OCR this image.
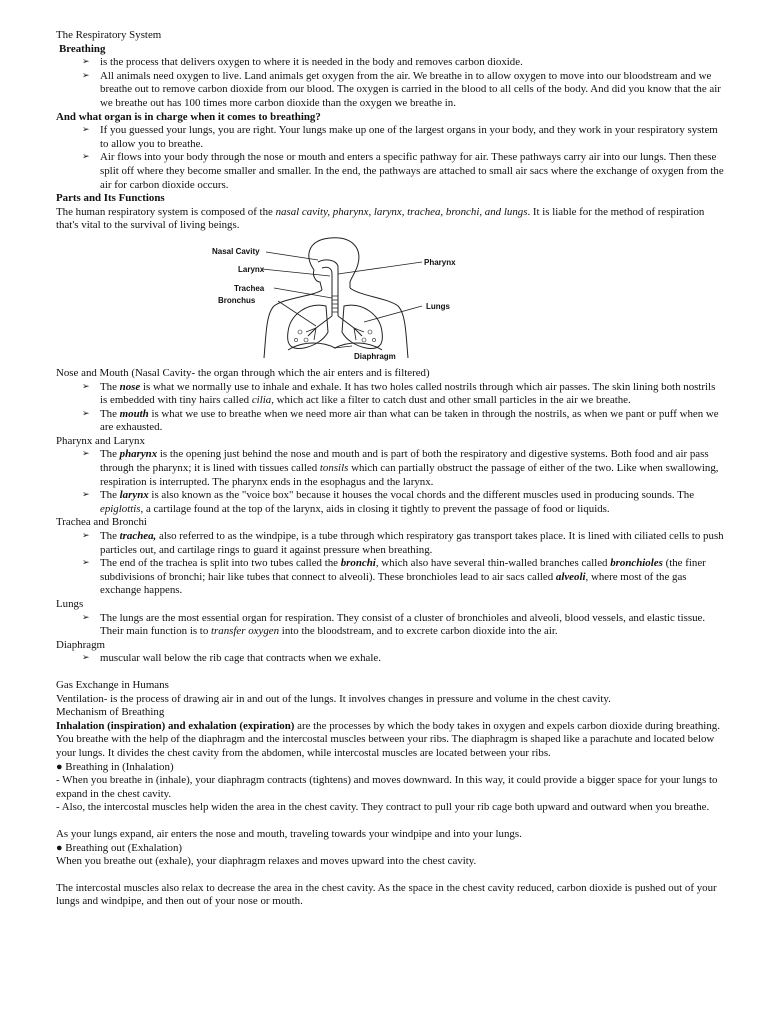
The Respiratory System

Breathing

➢ is the process that delivers oxygen to where it is needed in the body and removes carbon dioxide.
➢ All animals need oxygen to live. Land animals get oxygen from the air. We breathe in to allow oxygen to move into our bloodstream and we breathe out to remove carbon dioxide from our blood. The oxygen is carried in the blood to all cells of the body. And did you know that the air we breathe out has 100 times more carbon dioxide than the oxygen we breathe in.

And what organ is in charge when it comes to breathing?

➢ If you guessed your lungs, you are right. Your lungs make up one of the largest organs in your body, and they work in your respiratory system to allow you to breathe.
➢ Air flows into your body through the nose or mouth and enters a specific pathway for air. These pathways carry air into our lungs. Then these split off where they become smaller and smaller. In the end, the pathways are attached to small air sacs where the exchange of oxygen from the air for carbon dioxide occurs.

Parts and Its Functions

The human respiratory system is composed of the nasal cavity, pharynx, larynx, trachea, bronchi, and lungs. It is liable for the method of respiration that's vital to the survival of living beings.

Nasal Cavity
Larynx
Trachea
Bronchus
Pharynx
Lungs
Diaphragm

Nose and Mouth (Nasal Cavity- the organ through which the air enters and is filtered)

➢ The nose is what we normally use to inhale and exhale. It has two holes called nostrils through which air passes. The skin lining both nostrils is embedded with tiny hairs called cilia, which act like a filter to catch dust and other small particles in the air we breathe.
➢ The mouth is what we use to breathe when we need more air than what can be taken in through the nostrils, as when we pant or puff when we are exhausted.

Pharynx and Larynx

➢ The pharynx is the opening just behind the nose and mouth and is part of both the respiratory and digestive systems. Both food and air pass through the pharynx; it is lined with tissues called tonsils which can partially obstruct the passage of either of the two. Like when swallowing, respiration is interrupted. The pharynx ends in the esophagus and the larynx.
➢ The larynx is also known as the "voice box" because it houses the vocal chords and the different muscles used in producing sounds. The epiglottis, a cartilage found at the top of the larynx, aids in closing it tightly to prevent the passage of food or liquids.

Trachea and Bronchi

➢ The trachea, also referred to as the windpipe, is a tube through which respiratory gas transport takes place. It is lined with ciliated cells to push particles out, and cartilage rings to guard it against pressure when breathing.
➢ The end of the trachea is split into two tubes called the bronchi, which also have several thin-walled branches called bronchioles (the finer subdivisions of bronchi; hair like tubes that connect to alveoli). These bronchioles lead to air sacs called alveoli, where most of the gas exchange happens.

Lungs

➢ The lungs are the most essential organ for respiration. They consist of a cluster of bronchioles and alveoli, blood vessels, and elastic tissue. Their main function is to transfer oxygen into the bloodstream, and to excrete carbon dioxide into the air.

Diaphragm

➢ muscular wall below the rib cage that contracts when we exhale.

Gas Exchange in Humans

Ventilation- is the process of drawing air in and out of the lungs. It involves changes in pressure and volume in the chest cavity.

Mechanism of Breathing

Inhalation (inspiration) and exhalation (expiration) are the processes by which the body takes in oxygen and expels carbon dioxide during breathing. You breathe with the help of the diaphragm and the intercostal muscles between your ribs. The diaphragm is shaped like a parachute and located below your lungs. It divides the chest cavity from the abdomen, while intercostal muscles are located between your ribs.

● Breathing in (Inhalation)

- When you breathe in (inhale), your diaphragm contracts (tightens) and moves downward. In this way, it could provide a bigger space for your lungs to expand in the chest cavity.

- Also, the intercostal muscles help widen the area in the chest cavity. They contract to pull your rib cage both upward and outward when you breathe.

As your lungs expand, air enters the nose and mouth, traveling towards your windpipe and into your lungs.

● Breathing out (Exhalation)

When you breathe out (exhale), your diaphragm relaxes and moves upward into the chest cavity.

The intercostal muscles also relax to decrease the area in the chest cavity. As the space in the chest cavity reduced, carbon dioxide is pushed out of your lungs and windpipe, and then out of your nose or mouth.
